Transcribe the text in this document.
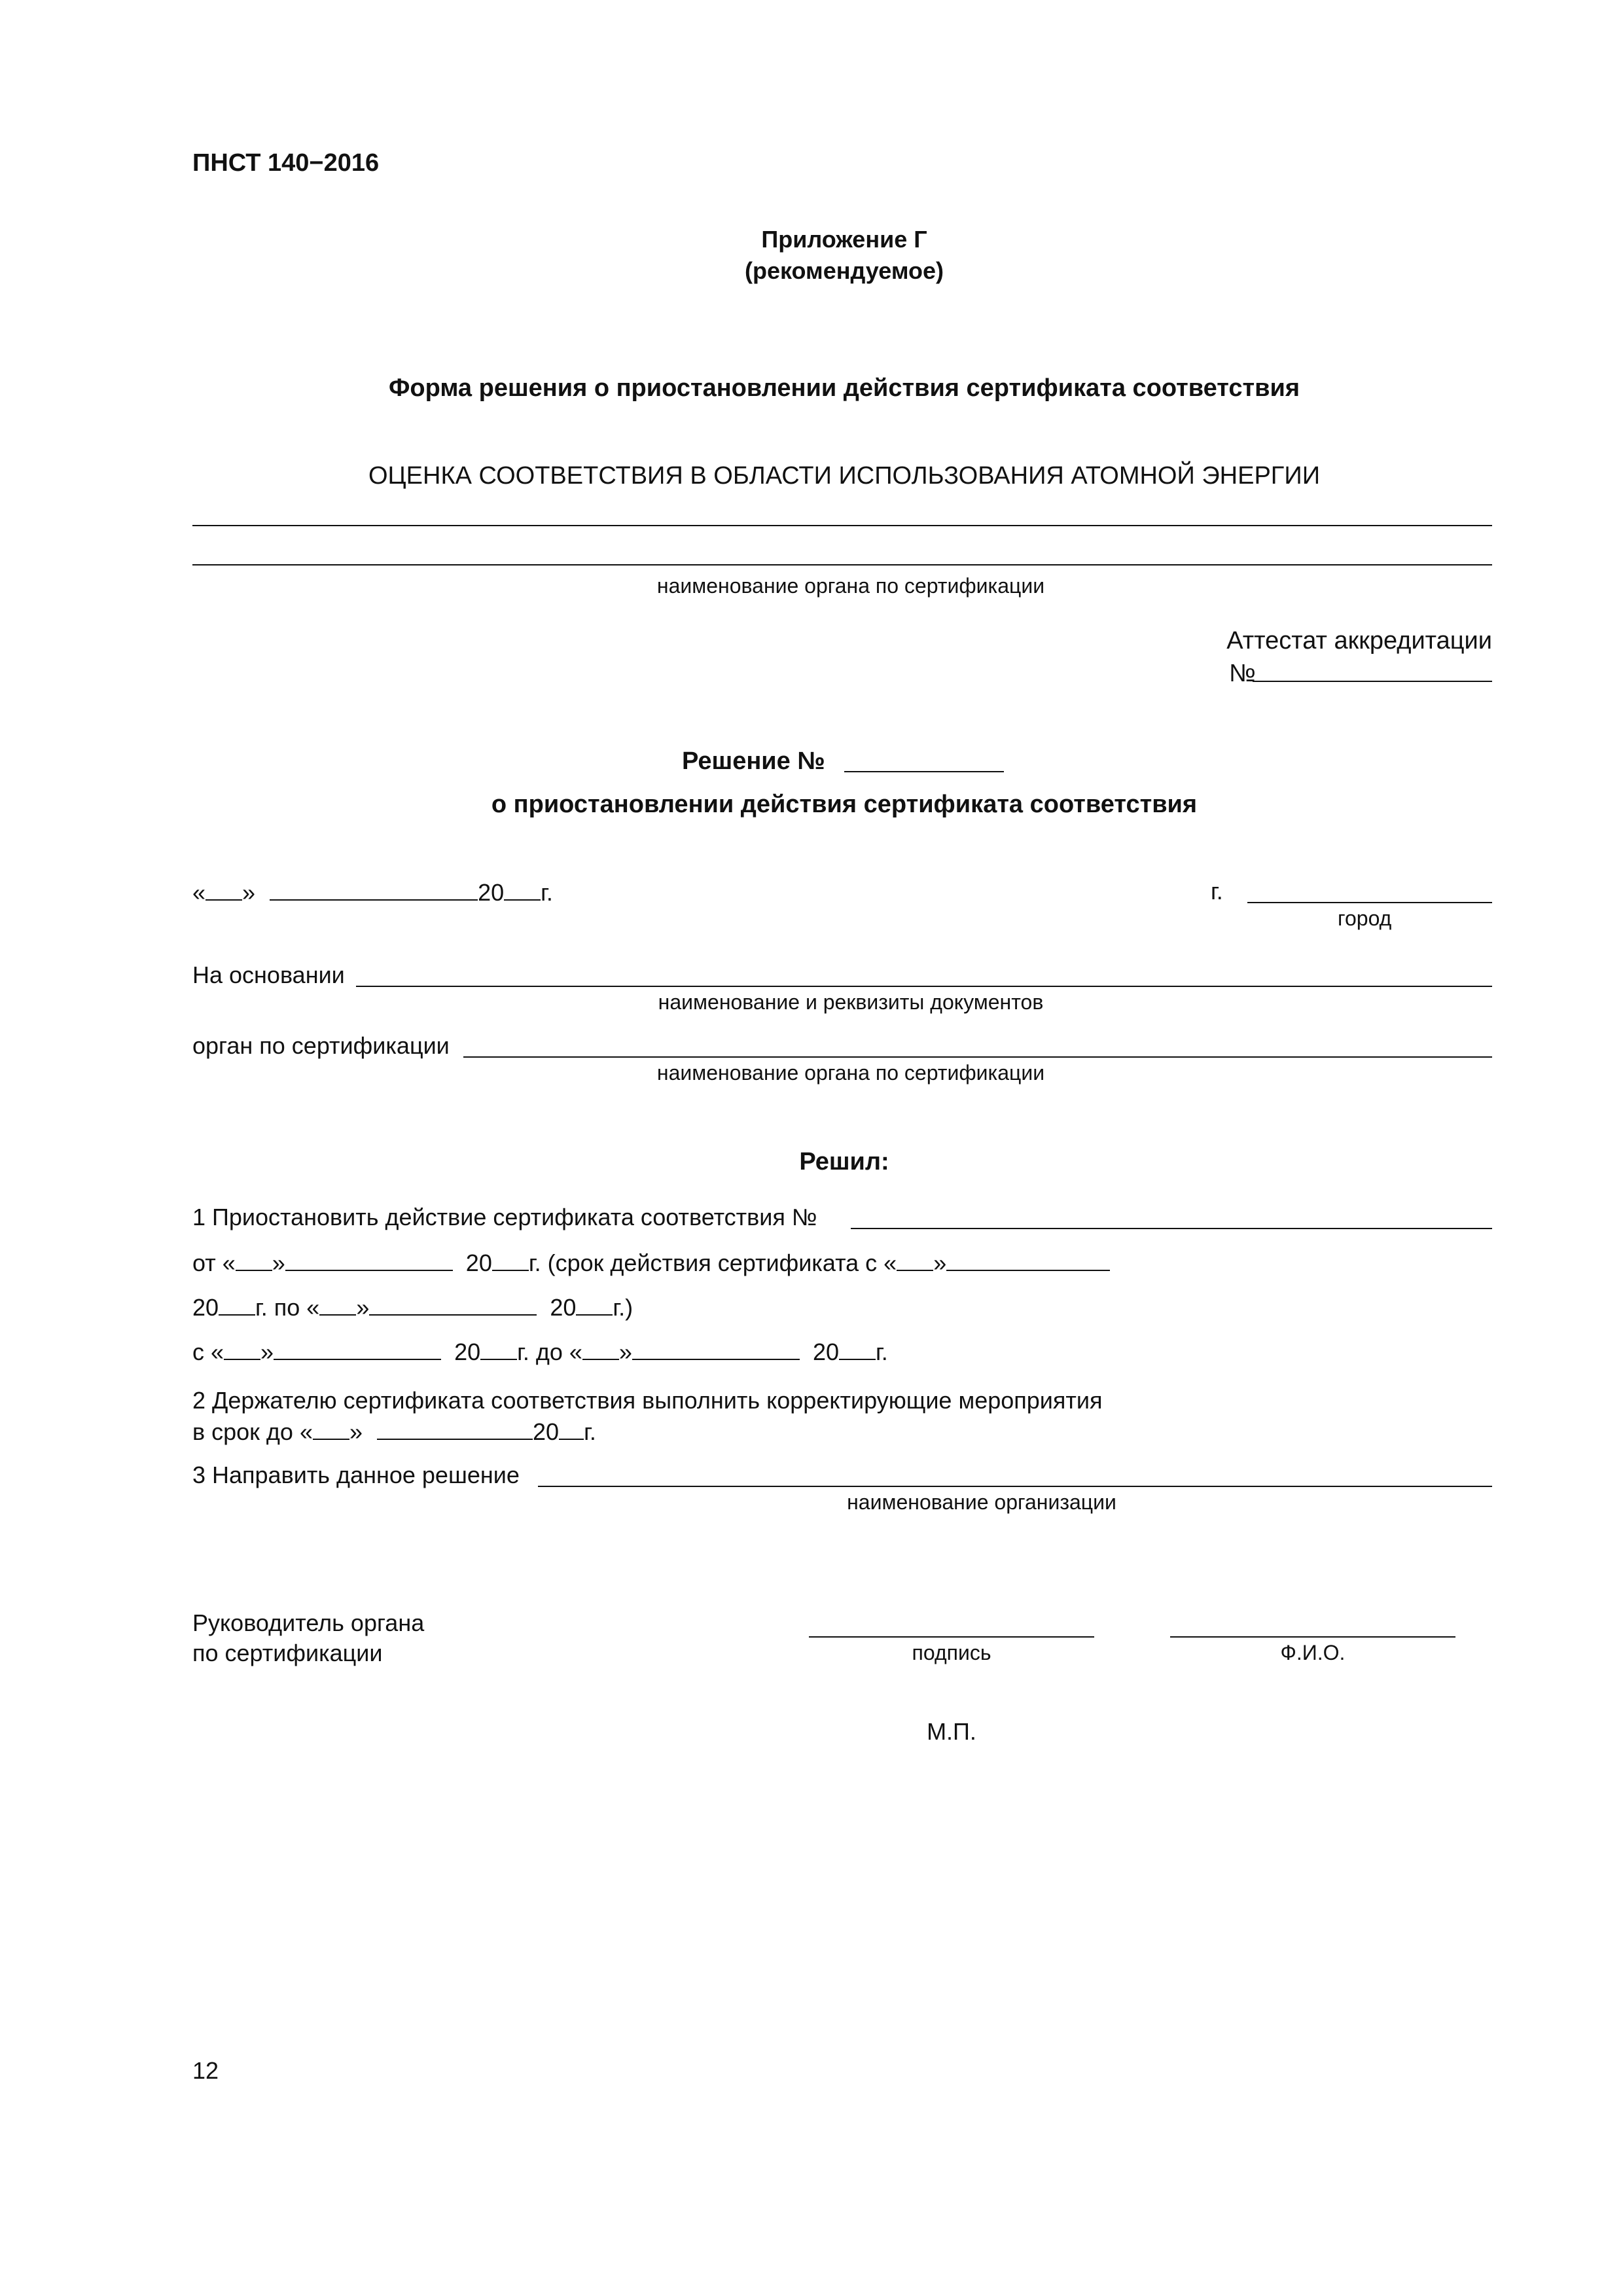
ПНСТ 140−2016
Приложение Г
(рекомендуемое)
Форма решения о приостановлении действия сертификата соответствия
ОЦЕНКА СООТВЕТСТВИЯ В ОБЛАСТИ ИСПОЛЬЗОВАНИЯ АТОМНОЙ ЭНЕРГИИ
наименование органа по сертификации
Аттестат аккредитации
№
Решение №
о приостановлении действия сертификата соответствия
« »	20 г.	г.
город
На основании
наименование и реквизиты документов
орган по сертификации
наименование органа по сертификации
Решил:
1 Приостановить действие сертификата соответствия №
от « »	20 г. (срок действия сертификата с « »
20 г. по « »	20 г.)
с « »	20 г. до « »	20 г.
2 Держателю сертификата соответствия выполнить корректирующие мероприятия
в срок до « »	20 г.
3 Направить данное решение
наименование организации
Руководитель органа
по сертификации	подпись	Ф.И.О.
М.П.
12
